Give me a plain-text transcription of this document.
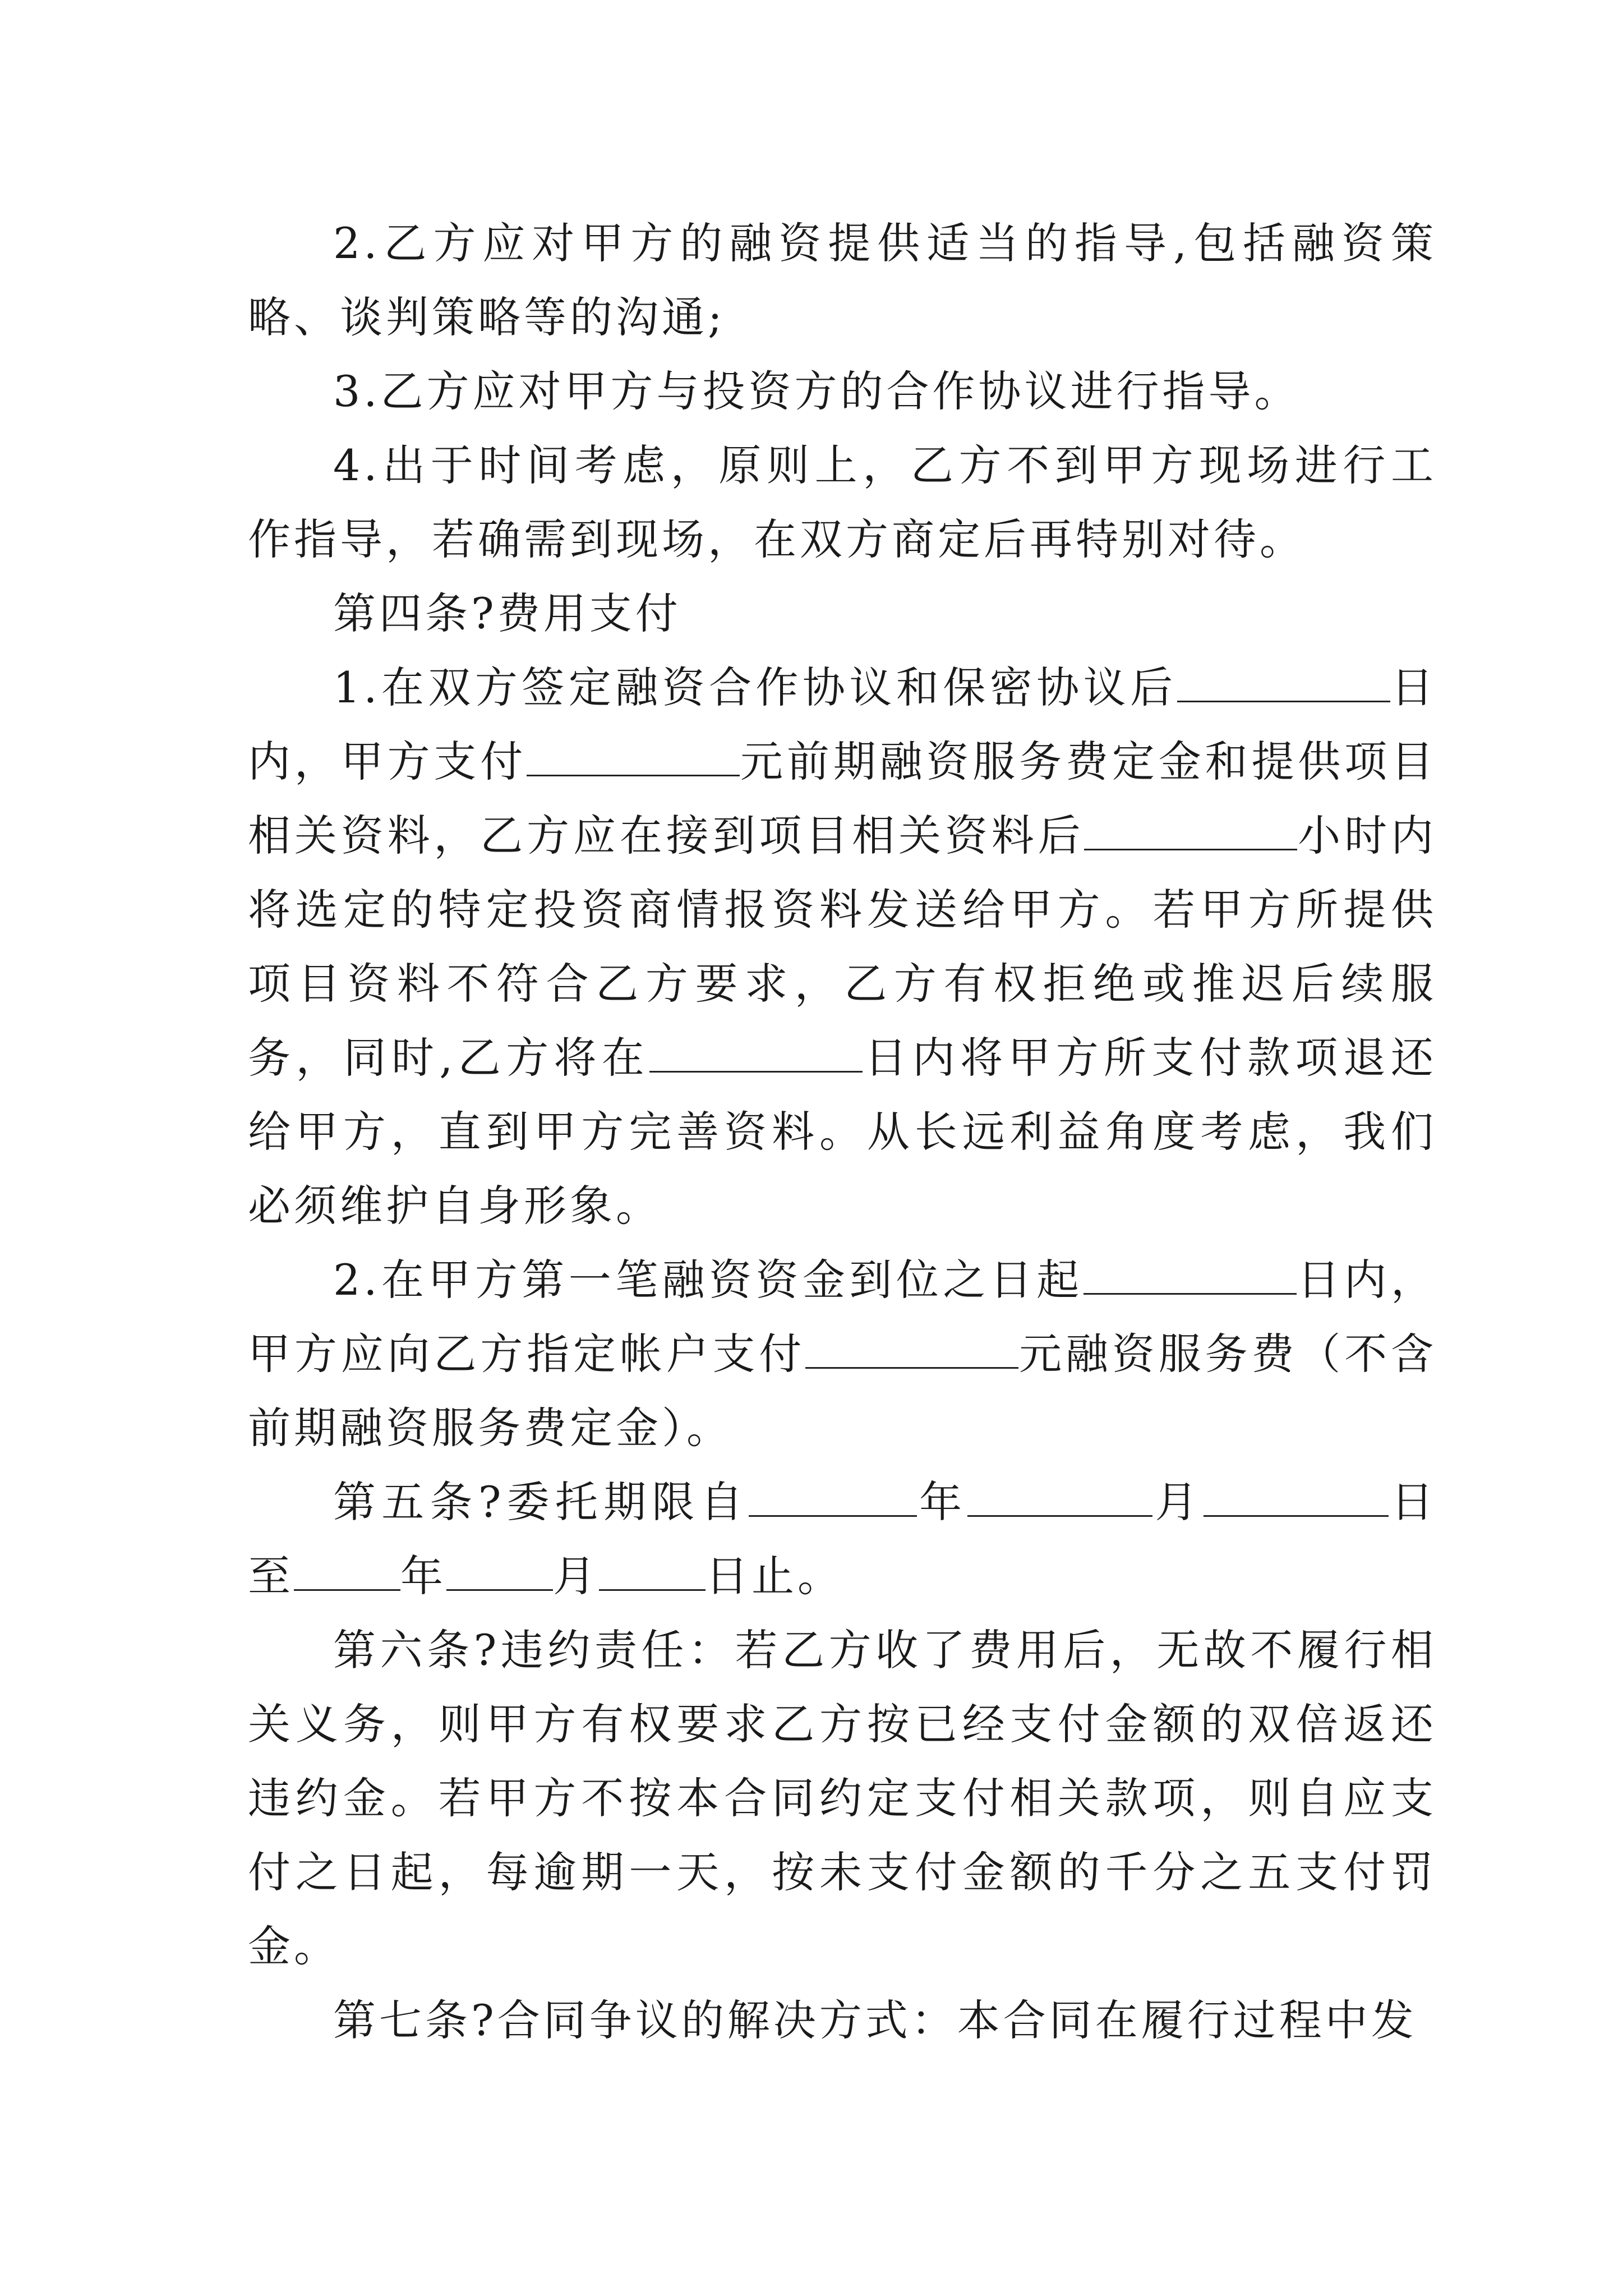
2.乙方应对甲方的融资提供适当的指导,包括融资策略、谈判策略等的沟通;

3.乙方应对甲方与投资方的合作协议进行指导。

4.出于时间考虑，原则上，乙方不到甲方现场进行工作指导，若确需到现场，在双方商定后再特别对待。

第四条?费用支付

1.在双方签定融资合作协议和保密协议后	日内，甲方支付	元前期融资服务费定金和提供项目相关资料，乙方应在接到项目相关资料后	小时内将选定的特定投资商情报资料发送给甲方。若甲方所提供项目资料不符合乙方要求，乙方有权拒绝或推迟后续服务，同时,乙方将在	日内将甲方所支付款项退还给甲方，直到甲方完善资料。从长远利益角度考虑，我们必须维护自身形象。

2.在甲方第一笔融资资金到位之日起	日内，甲方应向乙方指定帐户支付	元融资服务费（不含前期融资服务费定金）。

第五条?委托期限自	年	月	日至	年	月	日止。

第六条?违约责任：若乙方收了费用后，无故不履行相关义务，则甲方有权要求乙方按已经支付金额的双倍返还违约金。若甲方不按本合同约定支付相关款项，则自应支付之日起，每逾期一天，按未支付金额的千分之五支付罚金。

第七条?合同争议的解决方式：本合同在履行过程中发
